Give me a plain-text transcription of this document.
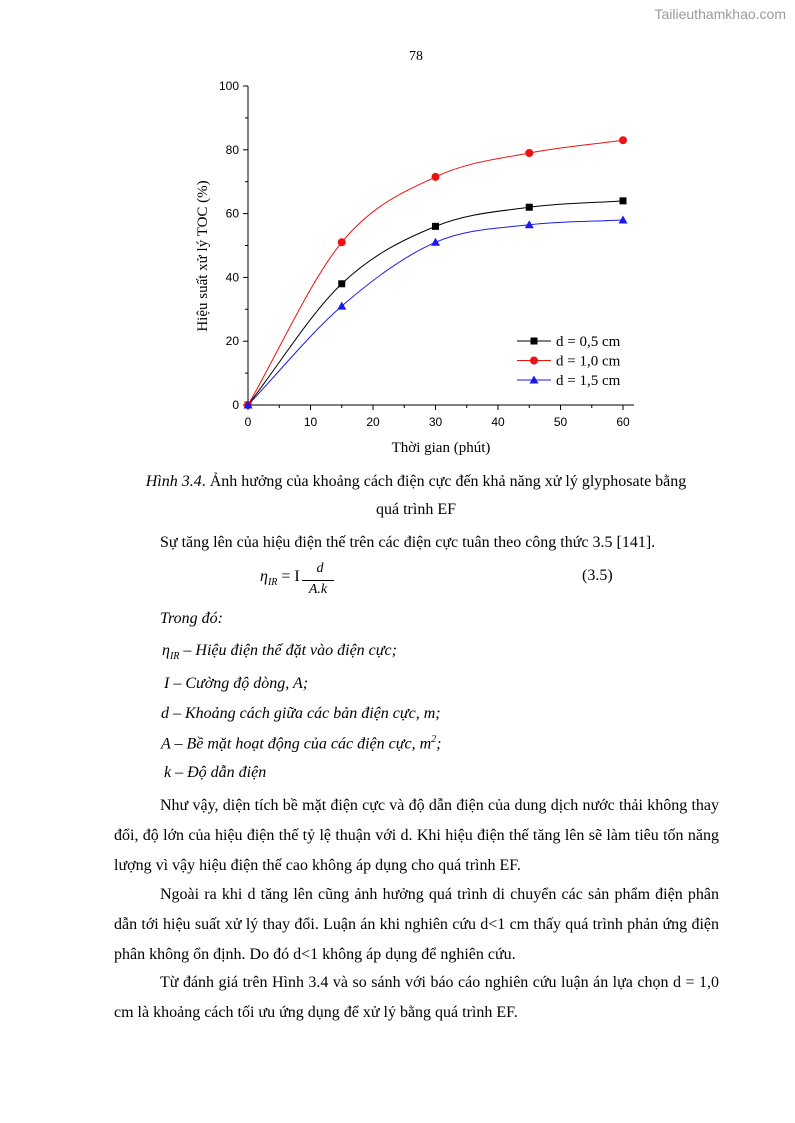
Tailieuthamkhao.com
78
0
20
40
60
80
100
0	10	20	30	40	50	60
d = 0,5 cm
d = 1,0 cm
d = 1,5 cm
Thời gian (phút)
Hiệu suất xử lý TOC (%)
Hình 3.4. Ảnh hưởng của khoảng cách điện cực đến khả năng xử lý glyphosate bằng
quá trình EF
Sự tăng lên của hiệu điện thế trên các điện cực tuân theo công thức 3.5 [141].
$\eta_{IR} = I$	d
A.k
(3.5)
Trong đó:
$\eta_{IR}$ – Hiệu điện thế đặt vào điện cực;
I – Cường độ dòng, A;
d – Khoảng cách giữa các bản điện cực, m;
A – Bề mặt hoạt động của các điện cực, $m^2$;
k – Độ dẫn điện
Như vậy, diện tích bề mặt điện cực và độ dẫn điện của dung dịch nước thải không thay đổi, độ lớn của hiệu điện thế tỷ lệ thuận với d. Khi hiệu điện thế tăng lên sẽ làm tiêu tốn năng lượng vì vậy hiệu điện thế cao không áp dụng cho quá trình EF.
Ngoài ra khi d tăng lên cũng ảnh hưởng quá trình di chuyển các sản phẩm điện phân dẫn tới hiệu suất xử lý thay đổi. Luận án khi nghiên cứu d<1 cm thấy quá trình phản ứng điện phân không ổn định. Do đó d<1 không áp dụng để nghiên cứu.
Từ đánh giá trên Hình 3.4 và so sánh với báo cáo nghiên cứu luận án lựa chọn d = 1,0 cm là khoảng cách tối ưu ứng dụng để xử lý bằng quá trình EF.
